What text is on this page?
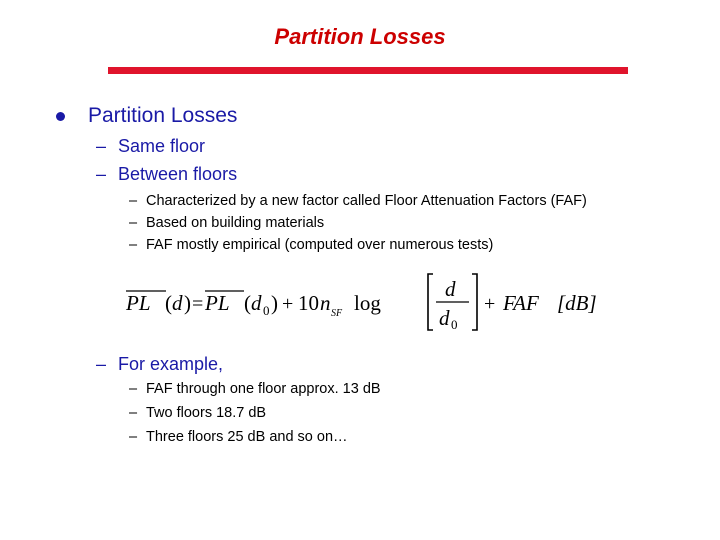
Partition Losses
Partition Losses
– Same floor
– Between floors
– Characterized by a new factor called Floor Attenuation Factors (FAF)
– Based on building materials
– FAF mostly empirical (computed over numerous tests)
PL ( d ) = PL ( d 0 ) + 10 n SF log
d
d 0
+ FAF [dB]
– For example,
– FAF through one floor approx. 13 dB
– Two floors 18.7 dB
– Three floors 25 dB and so on…
